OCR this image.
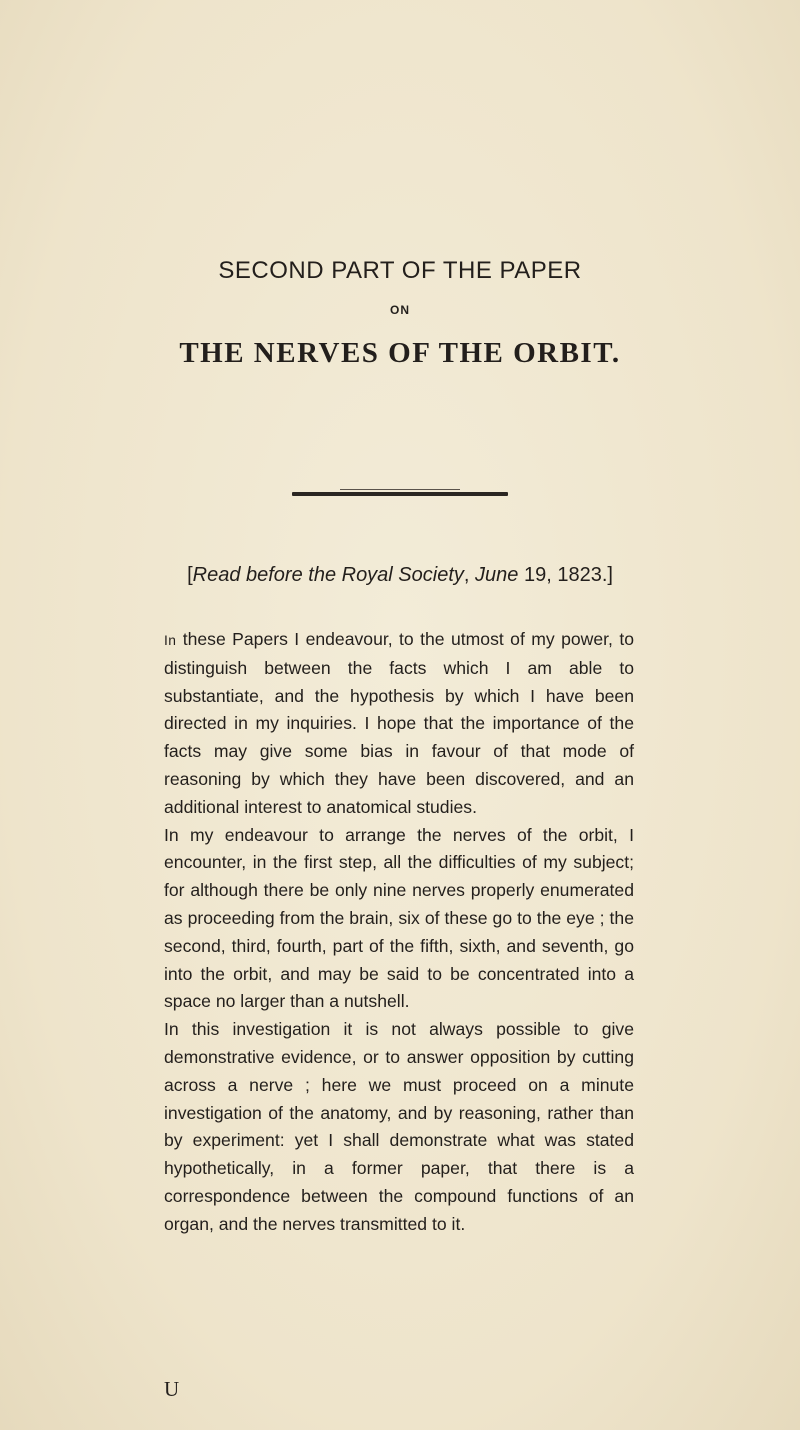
SECOND PART OF THE PAPER
ON
THE NERVES OF THE ORBIT.
[Read before the Royal Society, June 19, 1823.]

In these Papers I endeavour, to the utmost of my power, to distinguish between the facts which I am able to substantiate, and the hypothesis by which I have been directed in my inquiries. I hope that the importance of the facts may give some bias in favour of that mode of reasoning by which they have been discovered, and an additional interest to anatomical studies.

In my endeavour to arrange the nerves of the orbit, I encounter, in the first step, all the difficulties of my subject; for although there be only nine nerves properly enumerated as proceeding from the brain, six of these go to the eye ; the second, third, fourth, part of the fifth, sixth, and seventh, go into the orbit, and may be said to be concentrated into a space no larger than a nutshell.

In this investigation it is not always possible to give demonstrative evidence, or to answer opposition by cutting across a nerve ; here we must proceed on a minute investigation of the anatomy, and by reasoning, rather than by experiment: yet I shall demonstrate what was stated hypothetically, in a former paper, that there is a correspondence between the compound functions of an organ, and the nerves transmitted to it.

U
